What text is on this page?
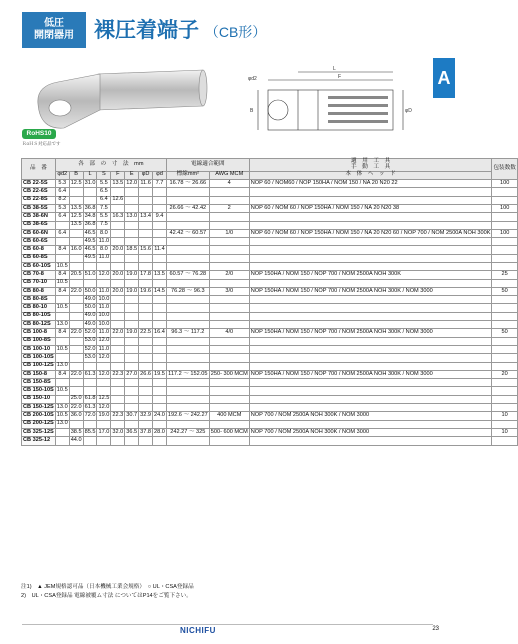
低圧
開閉器用 裸圧着端子 （CB形）
A
RoHS10
ＲoＨＳ対応品です
φd2
L
F
B	φD
品　番	各　部　の　寸　法　mm								電線適合範囲		適　用　工　具
手　動　工　具	包装数数
	φd2	B	L	S	F	E	φD	φd	標線mm²	AWG MCM	本　体　ヘ　ッ　ド	
CB 22-5S	5.3	12.5	31.0	5.5	13.5	12.0	11.6	7.7	16.78 ～ 26.66	4	NOP 60 / NOM60 / NOP 150HA / NOM 150 / NA 20 N20 22	100
CB 22-6S	6.4			6.5								
CB 22-8S	8.2			6.4	12.6							
CB 38-5S	5.3	13.5	36.8	7.5					26.66 ～ 42.42	2	NOP 60 / NOM 60 / NOP 150HA / NOM 150 / NA 20 N20 38	100
CB 38-6N	6.4	12.5	34.8	5.5	16.3	13.0	13.4	9.4				
CB 38-6S		13.5	36.8	7.5								
CB 60-6N	6.4		46.5	8.0					42.42 ～ 60.57	1/0	NOP 60 / NOM 60 / NOP 150HA / NOM 150 / NA 20 N20 60 / NOP 700 / NOM 2500A NOH 300K	100
CB 60-6S			49.5	11.0								
CB 60-8	8.4	16.0	46.5	8.0	20.0	18.5	15.6	11.4				
CB 60-8S			49.5	11.0								
CB 60-10S	10.5											
CB 70-8	8.4	20.5	51.0	12.0	20.0	19.0	17.8	13.5	60.57 ～ 76.28	2/0	NOP 150HA / NOM 150 / NOP 700 / NOM 2500A NOH 300K	25
CB 70-10	10.5											
CB 80-8	8.4	22.0	50.0	11.0	20.0	19.0	19.6	14.5	76.28 ～ 96.3	3/0	NOP 150HA / NOM 150 / NOP 700 / NOM 2500A NOH 300K / NOM 3000	50
CB 80-8S			49.0	10.0								
CB 80-10	10.5		50.0	11.0								
CB 80-10S			49.0	10.0								
CB 80-12S	13.0		49.0	10.0								
CB 100-8	8.4	22.0	52.0	11.0	22.0	19.0	22.5	16.4	96.3 ～ 117.2	4/0	NOP 150HA / NOM 150 / NOP 700 / NOM 2500A NOH 300K / NOM 3000	50
CB 100-8S			53.0	12.0								
CB 100-10	10.5		52.0	11.0								
CB 100-10S			53.0	12.0								
CB 100-12S	13.0											
CB 150-8	8.4	22.0	61.3	12.0	22.3	27.0	26.6	19.5	117.2 ～ 152.05	250- 300 MCM	NOP 150HA / NOM 150 / NOP 700 / NOM 2500A NOH 300K / NOM 3000	20
CB 150-8S												
CB 150-10S	10.5											
CB 150-10		25.0	61.8	12.5								
CB 150-12S	13.0	22.0	61.3	12.0								
CB 200-10S	10.5	36.0	72.0	19.0	22.3	30.7	32.9	24.0	192.6 ～ 242.27	400 MCM	NOP 700 / NOM 2500A NOH 300K / NOM 3000	10
CB 200-12S	13.0											
CB 325-12S		38.5	85.5	17.0	32.0	36.5	37.8	28.0	242.27 ～ 325	500- 600 MCM	NOP 700 / NOM 2500A NOH 300K / NOM 3000	10
CB 325-12		44.0										
注1)　▲ JEM規格認可品（日本機械工業会規格）　○ UL・CSA登録品
2)　UL・CSA登録品 電線被覆ム寸法 についてはP14をご覧下さい。
NICHIFU	23
